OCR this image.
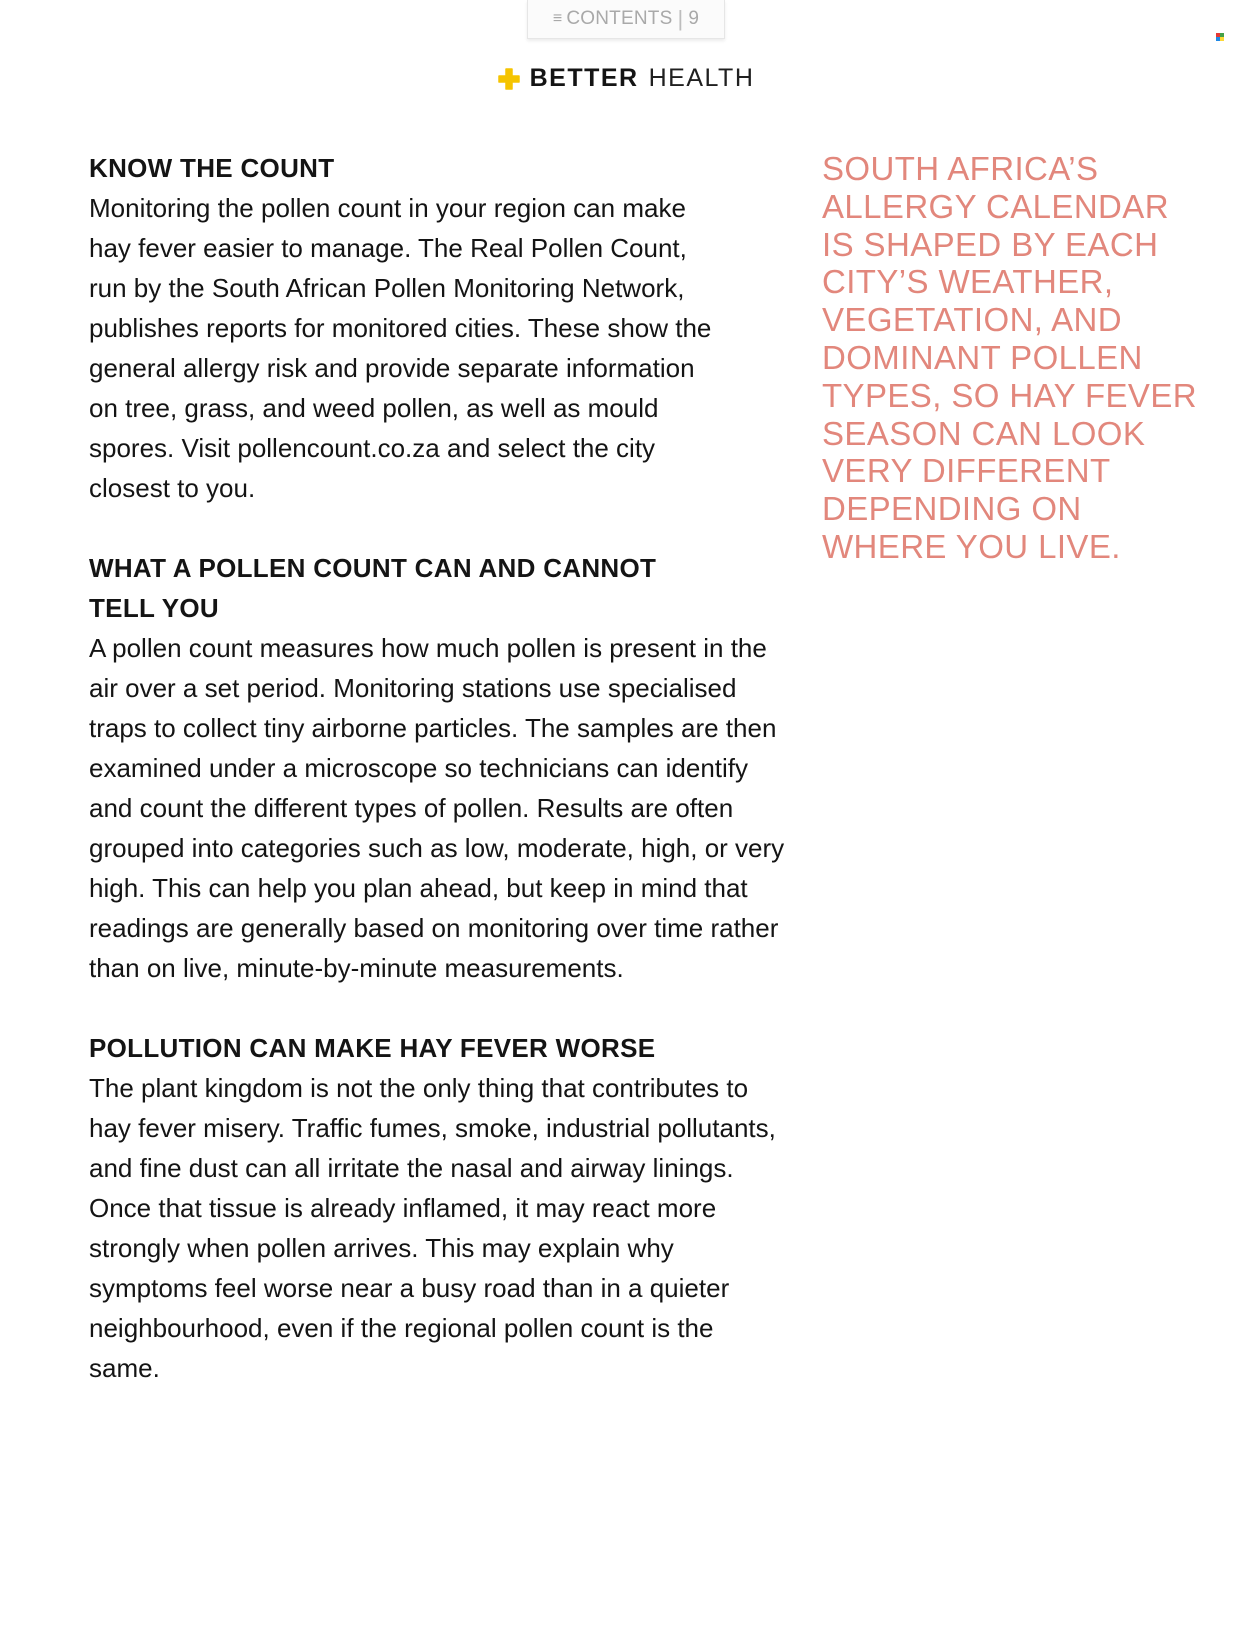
≡ CONTENTS | 9
BETTER HEALTH
KNOW THE COUNT

Monitoring the pollen count in your region can make hay fever easier to manage. The Real Pollen Count, run by the South African Pollen Monitoring Network, publishes reports for monitored cities. These show the general allergy risk and provide separate information on tree, grass, and weed pollen, as well as mould spores. Visit pollencount.co.za and select the city closest to you.

WHAT A POLLEN COUNT CAN AND CANNOT TELL YOU

A pollen count measures how much pollen is present in the air over a set period. Monitoring stations use specialised traps to collect tiny airborne particles. The samples are then examined under a microscope so technicians can identify and count the different types of pollen. Results are often grouped into categories such as low, moderate, high, or very high. This can help you plan ahead, but keep in mind that readings are generally based on monitoring over time rather than on live, minute-by-minute measurements.

POLLUTION CAN MAKE HAY FEVER WORSE

The plant kingdom is not the only thing that contributes to hay fever misery. Traffic fumes, smoke, industrial pollutants, and fine dust can all irritate the nasal and airway linings. Once that tissue is already inflamed, it may react more strongly when pollen arrives. This may explain why symptoms feel worse near a busy road than in a quieter neighbourhood, even if the regional pollen count is the same.

SOUTH AFRICA’S ALLERGY CALENDAR IS SHAPED BY EACH CITY’S WEATHER, VEGETATION, AND DOMINANT POLLEN TYPES, SO HAY FEVER SEASON CAN LOOK VERY DIFFERENT DEPENDING ON WHERE YOU LIVE.
